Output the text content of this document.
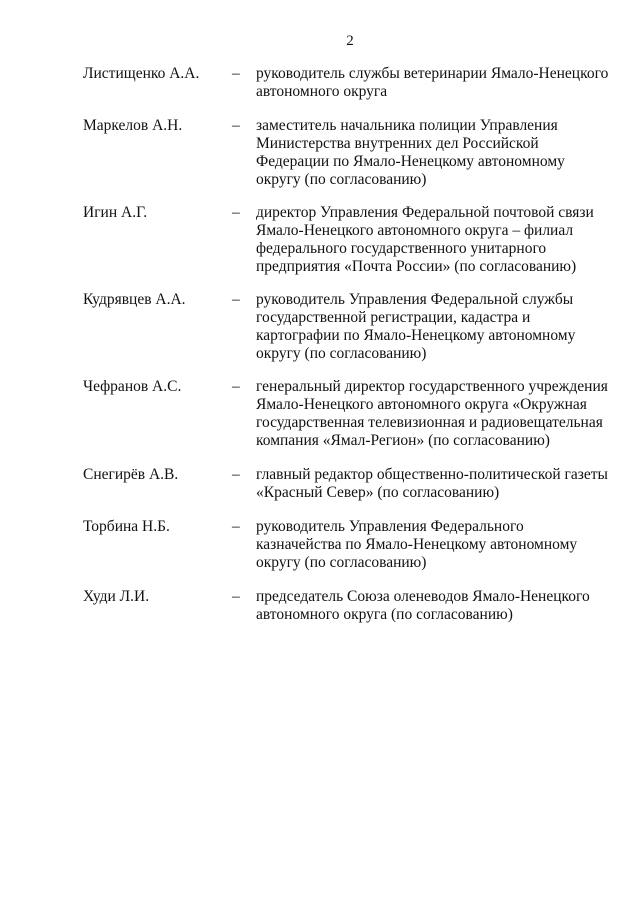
2
Листищенко А.А. – руководитель службы ветеринарии Ямало-Ненецкого
автономного округа
Маркелов А.Н.	– заместитель начальника полиции Управления
Министерства внутренних дел Российской
Федерации по Ямало-Ненецкому автономному
округу (по согласованию)
Игин А.Г.	– директор Управления Федеральной почтовой связи
Ямало-Ненецкого автономного округа – филиал
федерального государственного унитарного
предприятия «Почта России» (по согласованию)
Кудрявцев А.А.	– руководитель Управления Федеральной службы
государственной регистрации, кадастра и
картографии по Ямало-Ненецкому автономному
округу (по согласованию)
Чефранов А.С.	– генеральный директор государственного учреждения
Ямало-Ненецкого автономного округа «Окружная
государственная телевизионная и радиовещательная
компания «Ямал-Регион» (по согласованию)
Снегирёв А.В.	– главный редактор общественно-политической газеты
«Красный Север» (по согласованию)
Торбина Н.Б.	– руководитель Управления Федерального
казначейства по Ямало-Ненецкому автономному
округу (по согласованию)
Худи Л.И.	– председатель Союза оленеводов Ямало-Ненецкого
автономного округа (по согласованию)
